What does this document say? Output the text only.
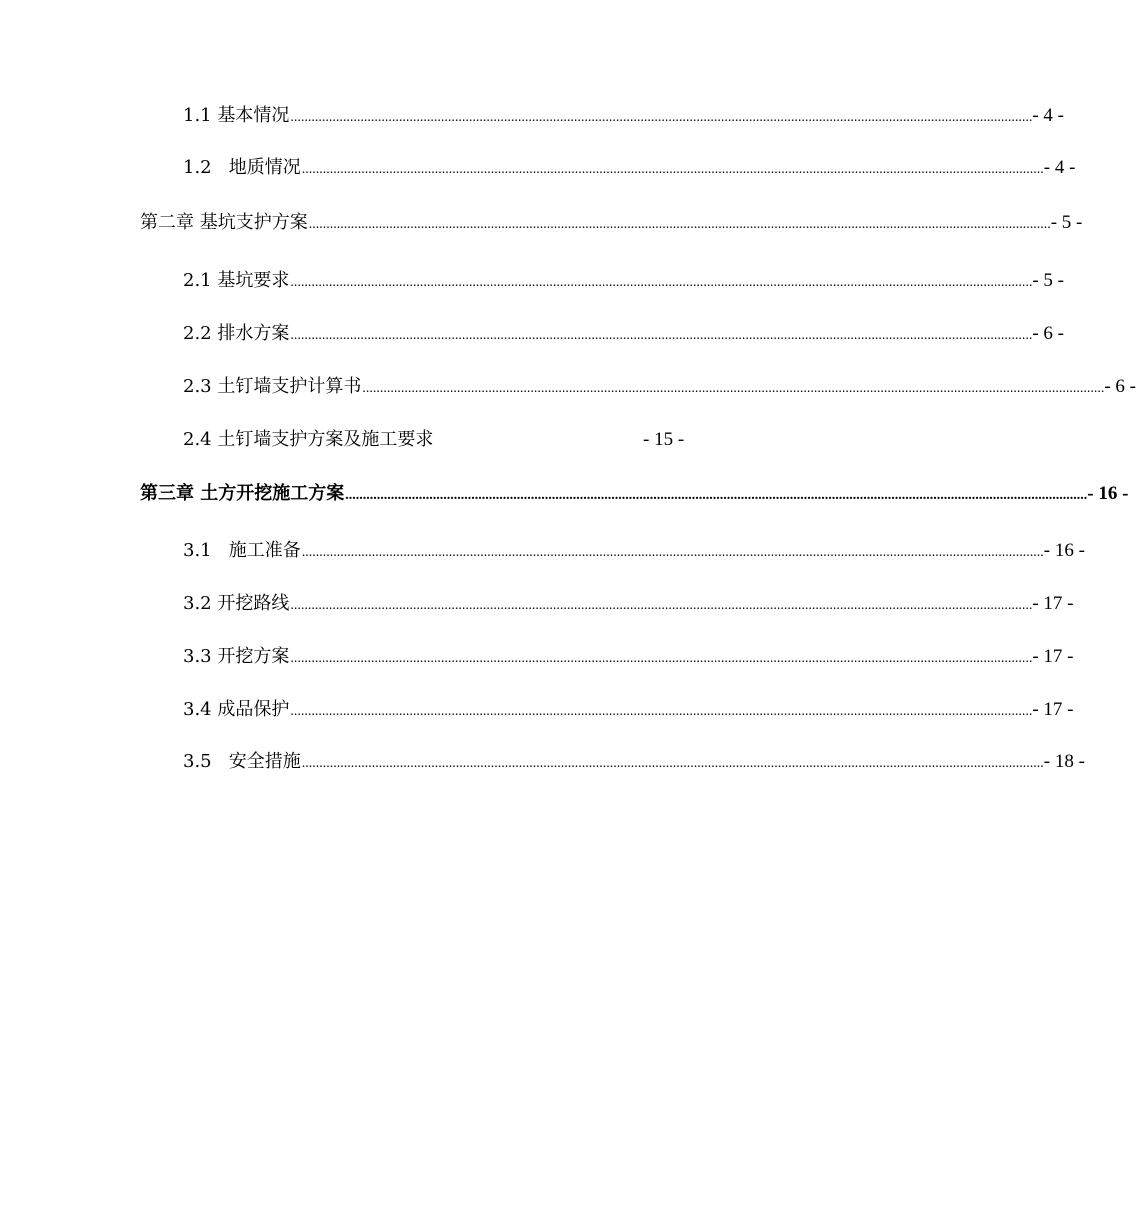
1.1 基本情况 .................................................................................................................................................................................................................... - 4 -
1.2   地质情况 .................................................................................................................................................................................................................... - 4 -
第二章 基坑支护方案 .................................................................................................................................................................................................................... - 5 -
2.1 基坑要求 .................................................................................................................................................................................................................... - 5 -
2.2 排水方案 .................................................................................................................................................................................................................... - 6 -
2.3 土钉墙支护计算书 .................................................................................................................................................................................................................... - 6 -
2.4 土钉墙支护方案及施工要求	- 15 -
第三章 土方开挖施工方案 .................................................................................................................................................................................................................... - 16 -
3.1   施工准备 .................................................................................................................................................................................................................... - 16 -
3.2 开挖路线 .................................................................................................................................................................................................................... - 17 -
3.3 开挖方案 .................................................................................................................................................................................................................... - 17 -
3.4 成品保护 .................................................................................................................................................................................................................... - 17 -
3.5   安全措施 .................................................................................................................................................................................................................... - 18 -
